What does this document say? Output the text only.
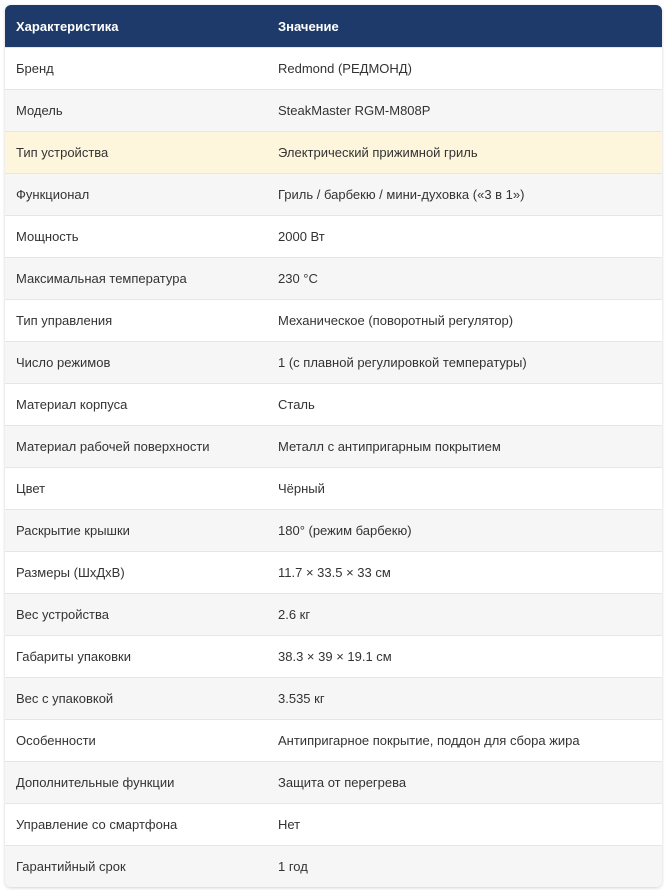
Характеристика	Значение
Бренд	Redmond (РЕДМОНД)
Модель	SteakMaster RGM-M808P
Тип устройства	Электрический прижимной гриль
Функционал	Гриль / барбекю / мини-духовка («3 в 1»)
Мощность	2000 Вт
Максимальная температура	230 °C
Тип управления	Механическое (поворотный регулятор)
Число режимов	1 (с плавной регулировкой температуры)
Материал корпуса	Сталь
Материал рабочей поверхности	Металл с антипригарным покрытием
Цвет	Чёрный
Раскрытие крышки	180° (режим барбекю)
Размеры (ШхДхВ)	11.7 × 33.5 × 33 см
Вес устройства	2.6 кг
Габариты упаковки	38.3 × 39 × 19.1 см
Вес с упаковкой	3.535 кг
Особенности	Антипригарное покрытие, поддон для сбора жира
Дополнительные функции	Защита от перегрева
Управление со смартфона	Нет
Гарантийный срок	1 год
